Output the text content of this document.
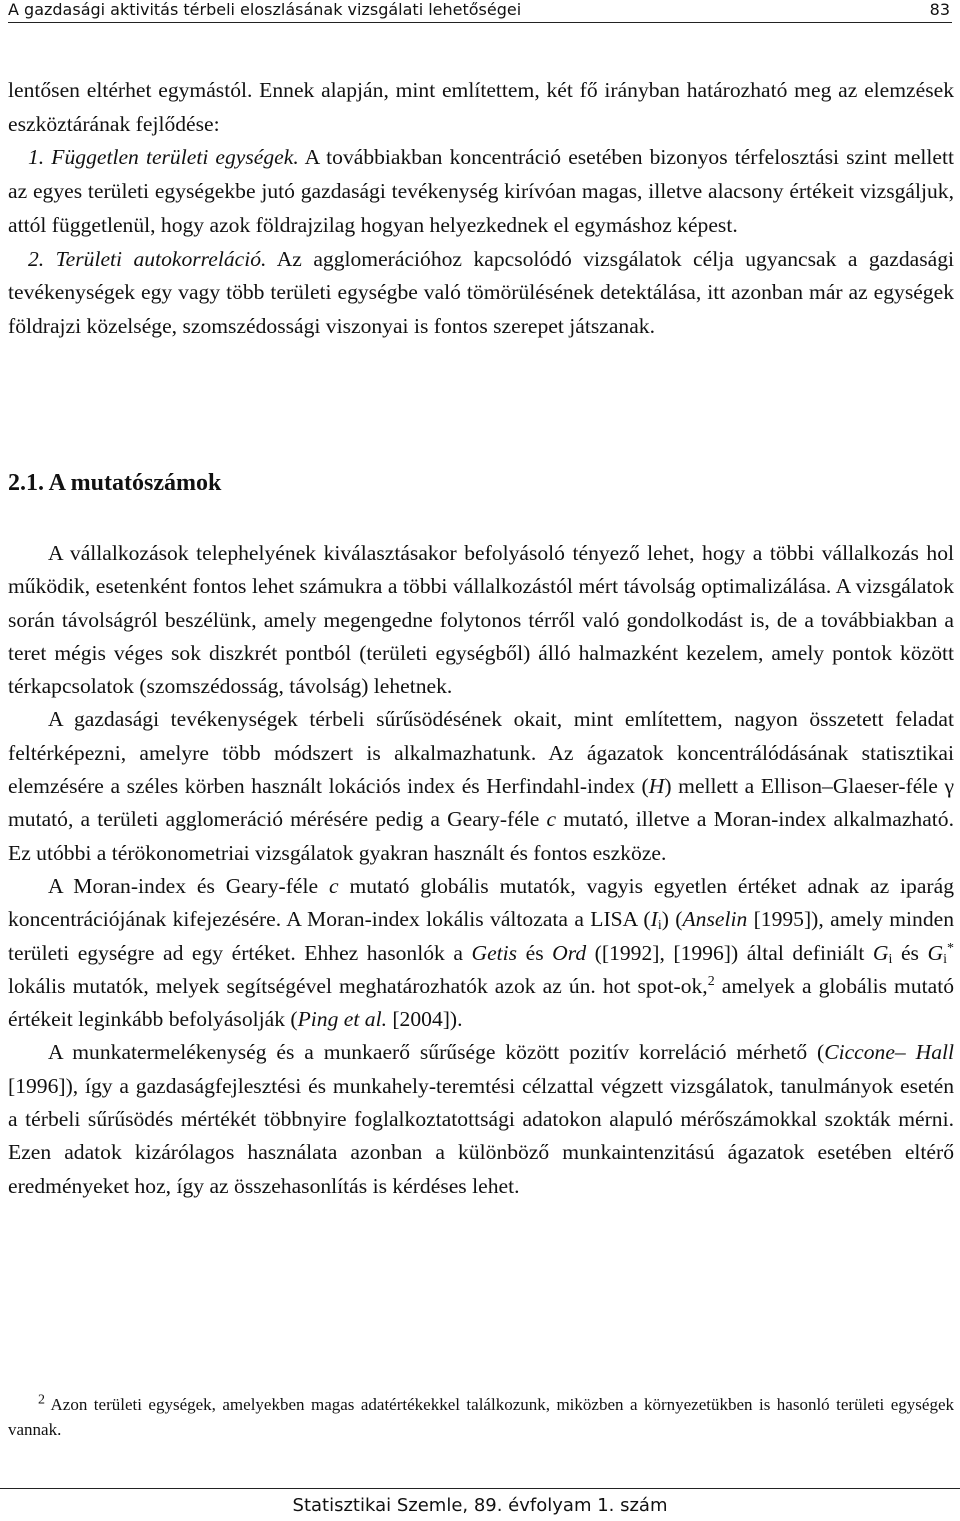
A gazdasági aktivitás térbeli eloszlásának vizsgálati lehetőségei	83

lentősen eltérhet egymástól. Ennek alapján, mint említettem, két fő irányban határozható meg az elemzések eszköztárának fejlődése:

1. Független területi egységek. A továbbiakban koncentráció esetében bizonyos térfelosztási szint mellett az egyes területi egységekbe jutó gazdasági tevékenység kirívóan magas, illetve alacsony értékeit vizsgáljuk, attól függetlenül, hogy azok földrajzilag hogyan helyezkednek el egymáshoz képest.

2. Területi autokorreláció. Az agglomerációhoz kapcsolódó vizsgálatok célja ugyancsak a gazdasági tevékenységek egy vagy több területi egységbe való tömörülésének detektálása, itt azonban már az egységek földrajzi közelsége, szomszédossági viszonyai is fontos szerepet játszanak.

2.1. A mutatószámok

A vállalkozások telephelyének kiválasztásakor befolyásoló tényező lehet, hogy a többi vállalkozás hol működik, esetenként fontos lehet számukra a többi vállalkozástól mért távolság optimalizálása. A vizsgálatok során távolságról beszélünk, amely megengedne folytonos térről való gondolkodást is, de a továbbiakban a teret mégis véges sok diszkrét pontból (területi egységből) álló halmazként kezelem, amely pontok között térkapcsolatok (szomszédosság, távolság) lehetnek.

A gazdasági tevékenységek térbeli sűrűsödésének okait, mint említettem, nagyon összetett feladat feltérképezni, amelyre több módszert is alkalmazhatunk. Az ágazatok koncentrálódásának statisztikai elemzésére a széles körben használt lokációs index és Herfindahl-index (H) mellett a Ellison–Glaeser-féle γ mutató, a területi agglomeráció mérésére pedig a Geary-féle c mutató, illetve a Moran-index alkalmazható. Ez utóbbi a térökonometriai vizsgálatok gyakran használt és fontos eszköze.

A Moran-index és Geary-féle c mutató globális mutatók, vagyis egyetlen értéket adnak az iparág koncentrációjának kifejezésére. A Moran-index lokális változata a LISA $(I_i)$ (Anselin [1995]), amely minden területi egységre ad egy értéket. Ehhez hasonlók a Getis és Ord ([1992], [1996]) által definiált $G_i$ és $G_i^*$ lokális mutatók, melyek segítségével meghatározhatók azok az ún. hot spot-ok,$^2$ amelyek a globális mutató értékeit leginkább befolyásolják (Ping et al. [2004]).

A munkatermelékenység és a munkaerő sűrűsége között pozitív korreláció mérhető (Ciccone– Hall [1996]), így a gazdaságfejlesztési és munkahely-teremtési célzattal végzett vizsgálatok, tanulmányok esetén a térbeli sűrűsödés mértékét többnyire foglalkoztatottsági adatokon alapuló mérőszámokkal szokták mérni. Ezen adatok kizárólagos használata azonban a különböző munkaintenzitású ágazatok esetében eltérő eredményeket hoz, így az összehasonlítás is kérdéses lehet.

$^2$ Azon területi egységek, amelyekben magas adatértékekkel találkozunk, miközben a környezetükben is hasonló területi egységek vannak.

Statisztikai Szemle, 89. évfolyam 1. szám
